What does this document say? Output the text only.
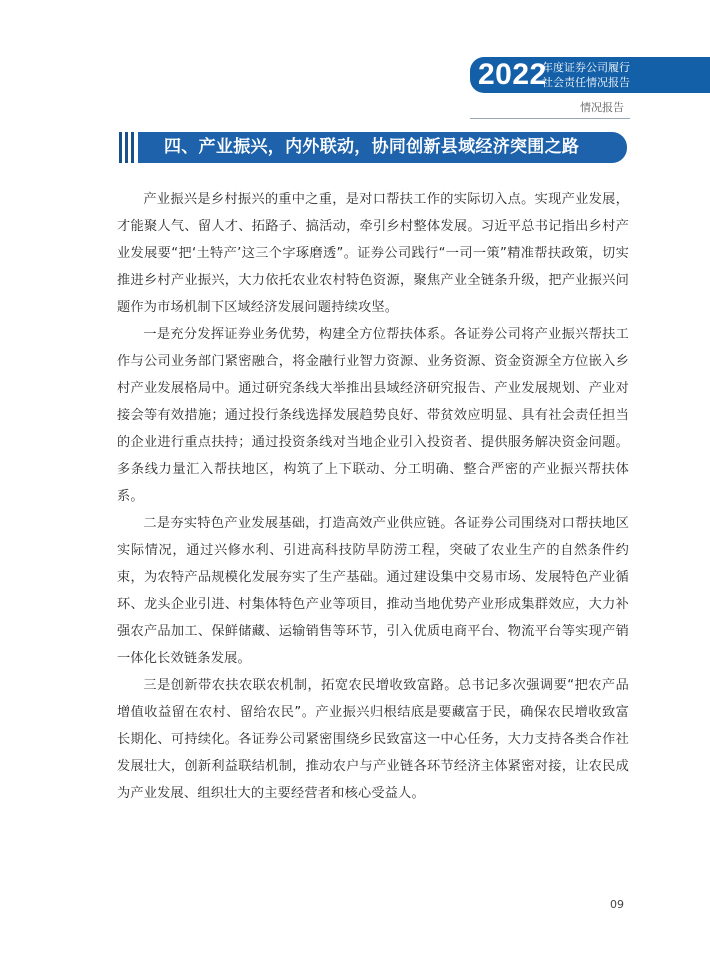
2022
年度证券公司履行
社会责任情况报告
情况报告
四、产业振兴，内外联动，协同创新县域经济突围之路

产业振兴是乡村振兴的重中之重，是对口帮扶工作的实际切入点。实现产业发展，才能聚人气、留人才、拓路子、搞活动，牵引乡村整体发展。习近平总书记指出乡村产业发展要“把‘土特产’这三个字琢磨透”。证券公司践行“一司一策”精准帮扶政策，切实推进乡村产业振兴，大力依托农业农村特色资源，聚焦产业全链条升级，把产业振兴问题作为市场机制下区域经济发展问题持续攻坚。

一是充分发挥证券业务优势，构建全方位帮扶体系。各证券公司将产业振兴帮扶工作与公司业务部门紧密融合，将金融行业智力资源、业务资源、资金资源全方位嵌入乡村产业发展格局中。通过研究条线大举推出县域经济研究报告、产业发展规划、产业对接会等有效措施；通过投行条线选择发展趋势良好、带贫效应明显、具有社会责任担当的企业进行重点扶持；通过投资条线对当地企业引入投资者、提供服务解决资金问题。多条线力量汇入帮扶地区，构筑了上下联动、分工明确、整合严密的产业振兴帮扶体系。

二是夯实特色产业发展基础，打造高效产业供应链。各证券公司围绕对口帮扶地区实际情况，通过兴修水利、引进高科技防旱防涝工程，突破了农业生产的自然条件约束，为农特产品规模化发展夯实了生产基础。通过建设集中交易市场、发展特色产业循环、龙头企业引进、村集体特色产业等项目，推动当地优势产业形成集群效应，大力补强农产品加工、保鲜储藏、运输销售等环节，引入优质电商平台、物流平台等实现产销一体化长效链条发展。

三是创新带农扶农联农机制，拓宽农民增收致富路。总书记多次强调要“把农产品增值收益留在农村、留给农民”。产业振兴归根结底是要藏富于民，确保农民增收致富长期化、可持续化。各证券公司紧密围绕乡民致富这一中心任务，大力支持各类合作社发展壮大，创新利益联结机制，推动农户与产业链各环节经济主体紧密对接，让农民成为产业发展、组织壮大的主要经营者和核心受益人。

09
